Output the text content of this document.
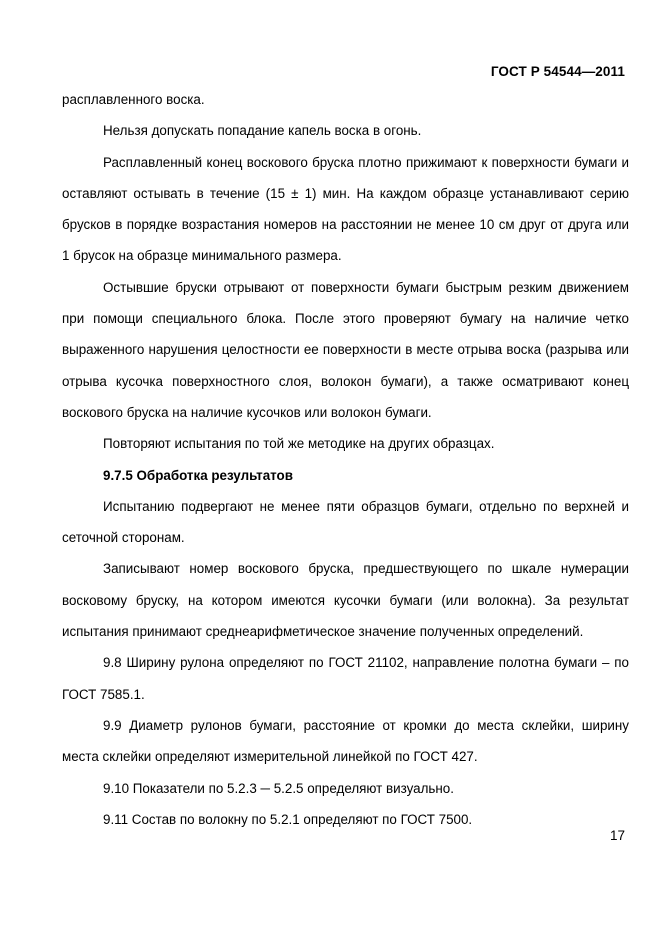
ГОСТ Р 54544—2011

расплавленного воска.

Нельзя допускать попадание капель воска в огонь.

Расплавленный конец воскового бруска плотно прижимают к поверхности бумаги и оставляют остывать в течение (15 ± 1) мин. На каждом образце устанавливают серию брусков в порядке возрастания номеров на расстоянии не менее 10 см друг от друга или 1 брусок на образце минимального размера.

Остывшие бруски отрывают от поверхности бумаги быстрым резким движением при помощи специального блока. После этого проверяют бумагу на наличие четко выраженного нарушения целостности ее поверхности в месте отрыва воска (разрыва или отрыва кусочка поверхностного слоя, волокон бумаги), а также осматривают конец воскового бруска на наличие кусочков или волокон бумаги.

Повторяют испытания по той же методике на других образцах.

9.7.5 Обработка результатов

Испытанию подвергают не менее пяти образцов бумаги, отдельно по верхней и сеточной сторонам.

Записывают номер воскового бруска, предшествующего по шкале нумерации восковому бруску, на котором имеются кусочки бумаги (или волокна). За результат испытания принимают среднеарифметическое значение полученных определений.

9.8 Ширину рулона определяют по ГОСТ 21102, направление полотна бумаги – по ГОСТ 7585.1.

9.9 Диаметр рулонов бумаги, расстояние от кромки до места склейки, ширину места склейки определяют измерительной линейкой по ГОСТ 427.

9.10 Показатели по 5.2.3 ─ 5.2.5 определяют визуально.

9.11 Состав по волокну по 5.2.1 определяют по ГОСТ 7500.

17
